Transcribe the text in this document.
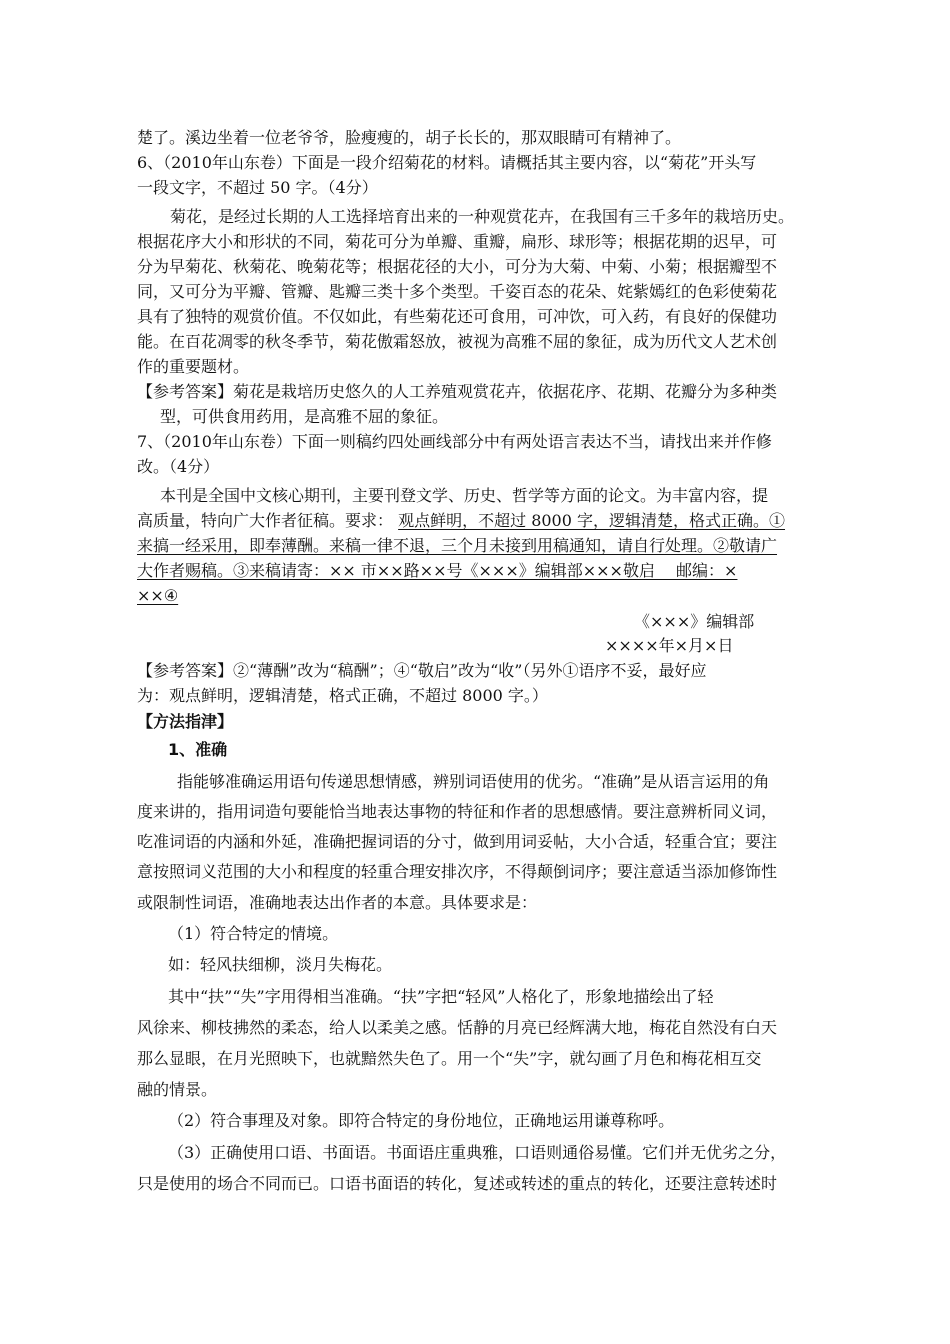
楚了。溪边坐着一位老爷爷，脸瘦瘦的，胡子长长的，那双眼睛可有精神了。
6、（2010年山东卷）下面是一段介绍菊花的材料。请概括其主要内容，以“菊花”开头写
一段文字，不超过 50 字。（4分）
菊花，是经过长期的人工选择培育出来的一种观赏花卉，在我国有三千多年的栽培历史。
根据花序大小和形状的不同，菊花可分为单瓣、重瓣，扁形、球形等；根据花期的迟早，可
分为早菊花、秋菊花、晚菊花等；根据花径的大小，可分为大菊、中菊、小菊；根据瓣型不
同，又可分为平瓣、管瓣、匙瓣三类十多个类型。千姿百态的花朵、姹紫嫣红的色彩使菊花
具有了独特的观赏价值。不仅如此，有些菊花还可食用，可冲饮，可入药，有良好的保健功
能。在百花凋零的秋冬季节，菊花傲霜怒放，被视为高雅不屈的象征，成为历代文人艺术创
作的重要题材。
【参考答案】菊花是栽培历史悠久的人工养殖观赏花卉，依据花序、花期、花瓣分为多种类
型，可供食用药用，是高雅不屈的象征。
7、（2010年山东卷）下面一则稿约四处画线部分中有两处语言表达不当，请找出来并作修
改。（4分）
本刊是全国中文核心期刊，主要刊登文学、历史、哲学等方面的论文。为丰富内容，提
高质量，特向广大作者征稿。要求： 观点鲜明，不超过 8000 字，逻辑清楚，格式正确。①
来搞一经采用，即奉薄酬。来稿一律不退，三个月未接到用稿通知，请自行处理。②敬请广
大作者赐稿。③来稿请寄：×× 市××路××号《×××》编辑部×××敬启　 邮编：×
××④
《×××》编辑部
××××年×月×日
【参考答案】②“薄酬”改为“稿酬”；④“敬启”改为“收”（另外①语序不妥，最好应
为：观点鲜明，逻辑清楚，格式正确，不超过 8000 字。）
【方法指津】
1、准确
指能够准确运用语句传递思想情感，辨别词语使用的优劣。“准确”是从语言运用的角
度来讲的，指用词造句要能恰当地表达事物的特征和作者的思想感情。要注意辨析同义词，
吃准词语的内涵和外延，准确把握词语的分寸，做到用词妥帖，大小合适，轻重合宜；要注
意按照词义范围的大小和程度的轻重合理安排次序，不得颠倒词序；要注意适当添加修饰性
或限制性词语，准确地表达出作者的本意。具体要求是：
（1）符合特定的情境。
如：轻风扶细柳，淡月失梅花。
其中“扶”“失”字用得相当准确。“扶”字把“轻风”人格化了，形象地描绘出了轻
风徐来、柳枝拂然的柔态，给人以柔美之感。恬静的月亮已经辉满大地，梅花自然没有白天
那么显眼，在月光照映下，也就黯然失色了。用一个“失”字，就勾画了月色和梅花相互交
融的情景。
（2）符合事理及对象。即符合特定的身份地位，正确地运用谦尊称呼。
（3）正确使用口语、书面语。书面语庄重典雅，口语则通俗易懂。它们并无优劣之分，
只是使用的场合不同而已。口语书面语的转化，复述或转述的重点的转化，还要注意转述时
